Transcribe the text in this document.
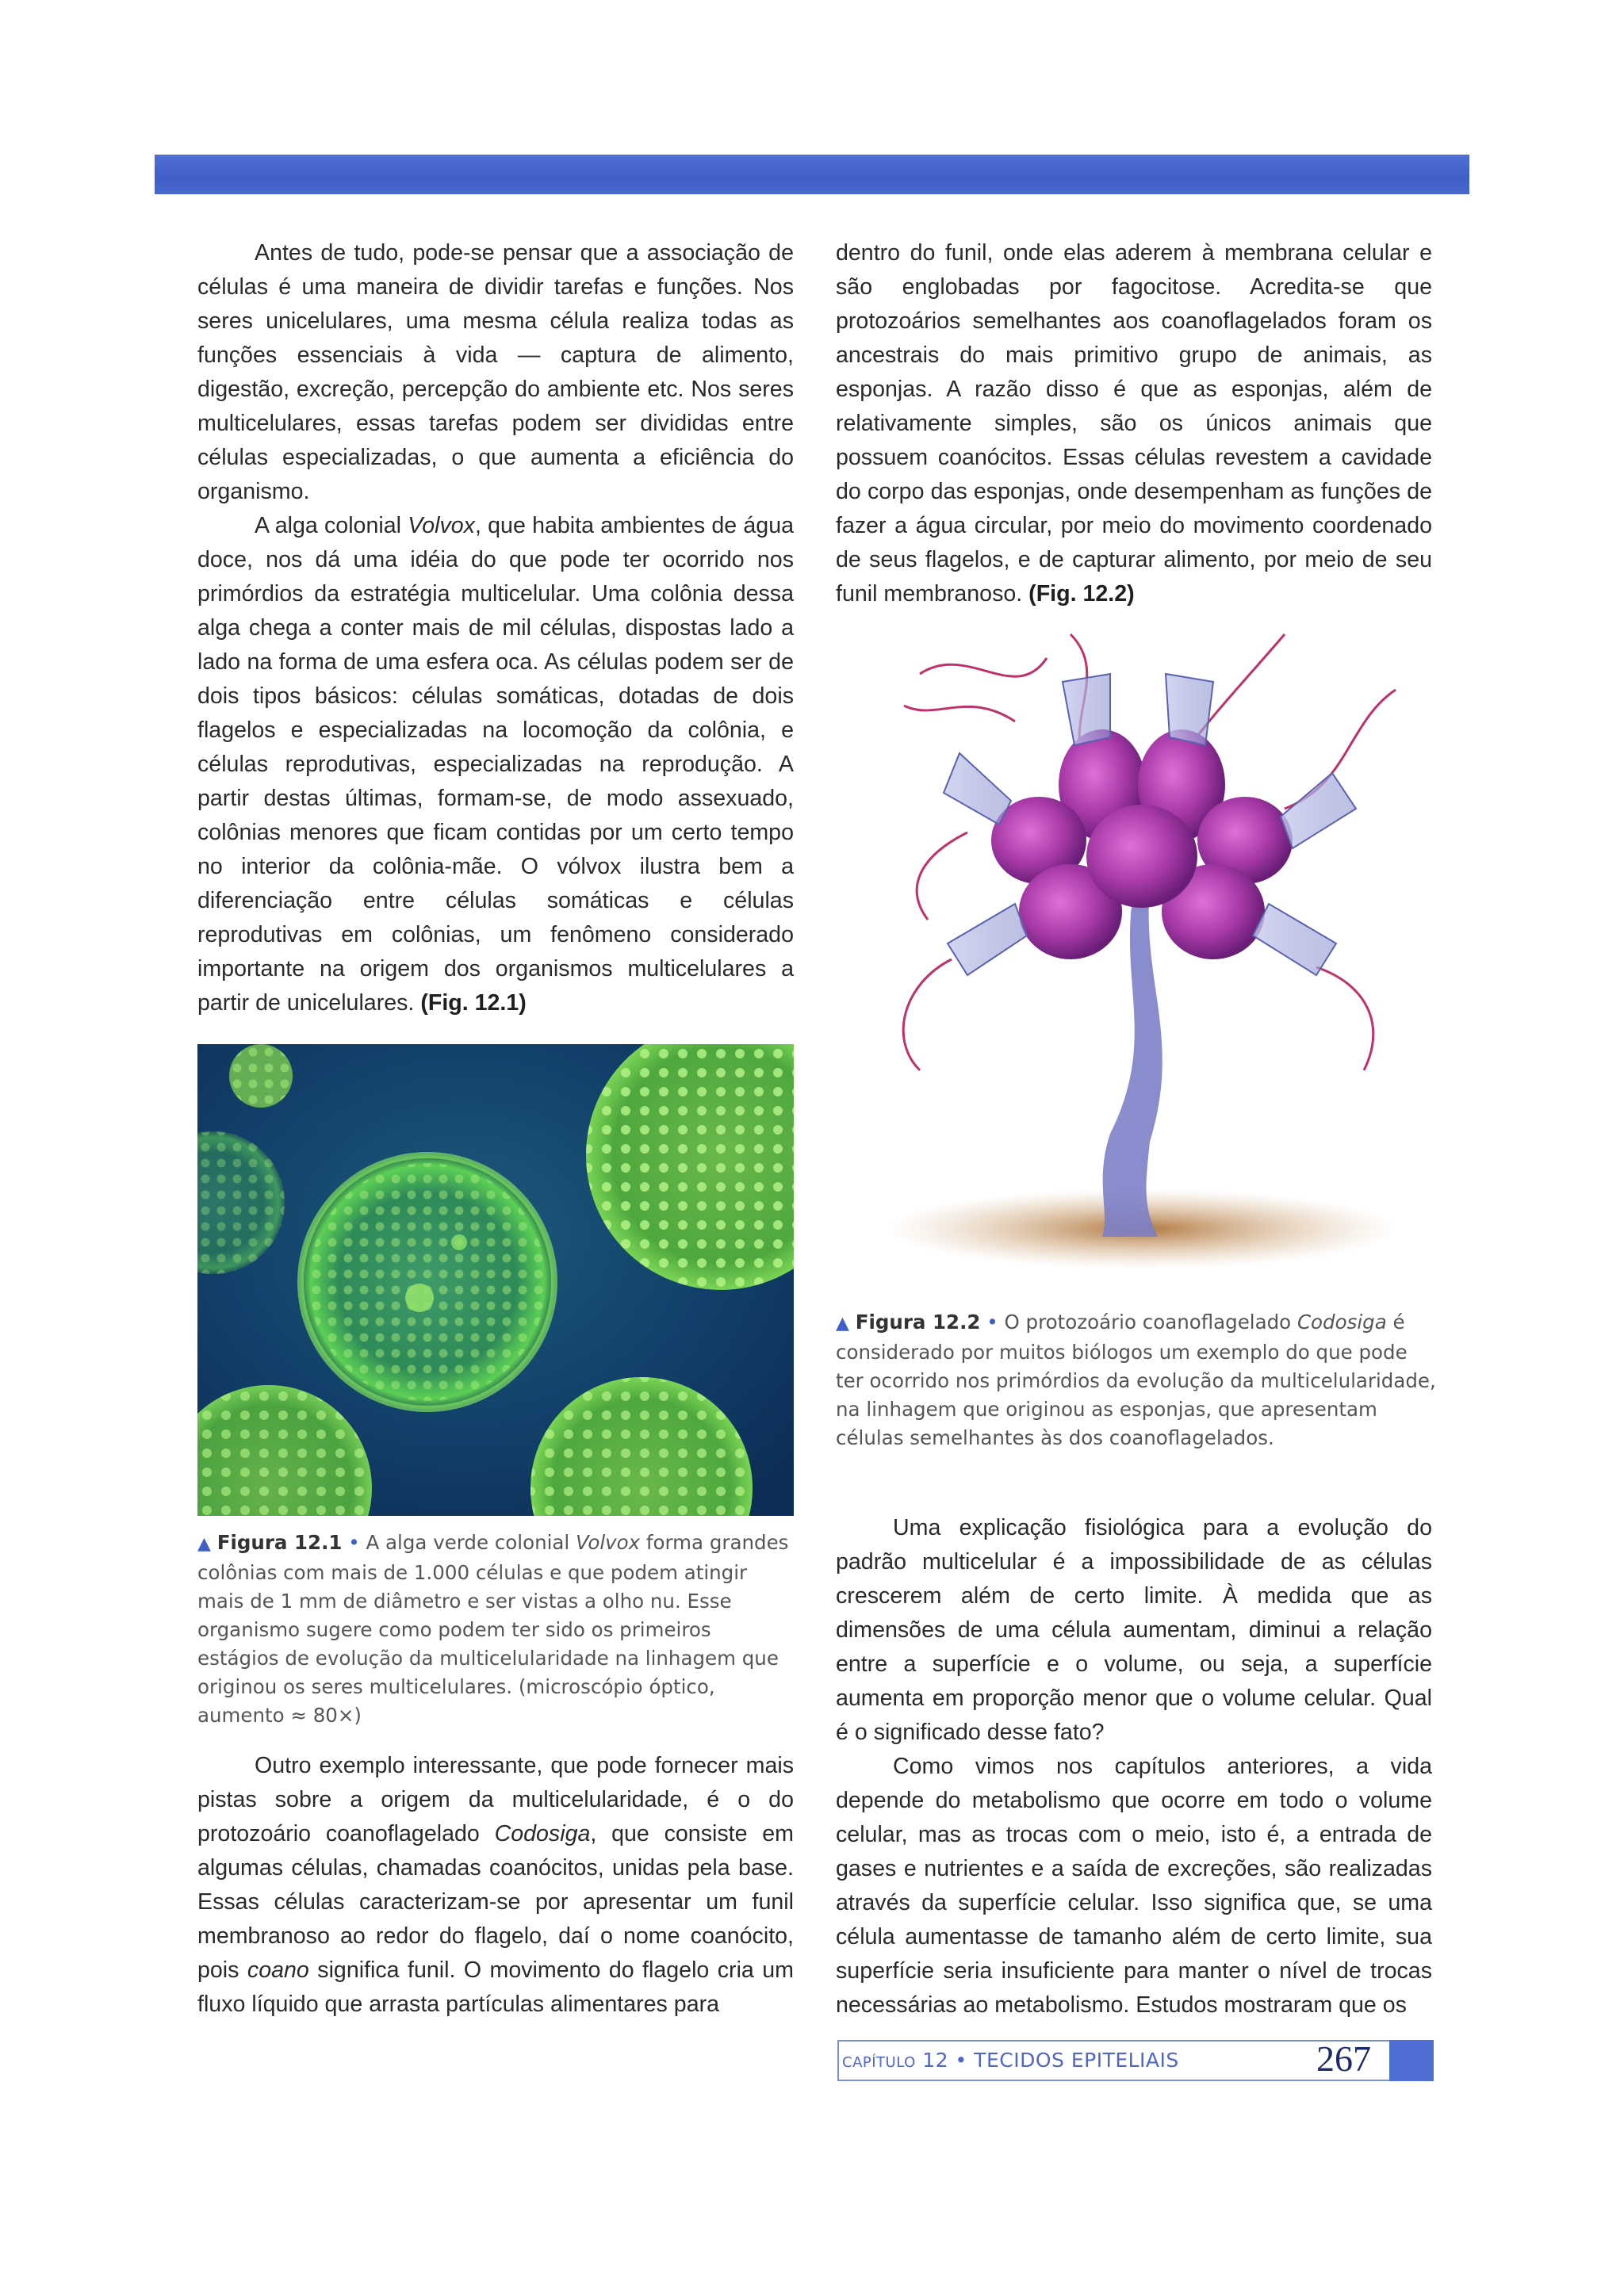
Antes de tudo, pode-se pensar que a associação de células é uma maneira de dividir tarefas e funções. Nos seres unicelulares, uma mesma célula realiza todas as funções essenciais à vida — captura de alimento, digestão, excreção, percepção do ambiente etc. Nos seres multicelulares, essas tarefas podem ser divididas entre células especializadas, o que aumenta a eficiência do organismo.

A alga colonial Volvox, que habita ambientes de água doce, nos dá uma idéia do que pode ter ocorrido nos primórdios da estratégia multicelular. Uma colônia dessa alga chega a conter mais de mil células, dispostas lado a lado na forma de uma esfera oca. As células podem ser de dois tipos básicos: células somáticas, dotadas de dois flagelos e especializadas na locomoção da colônia, e células reprodutivas, especializadas na reprodução. A partir destas últimas, formam-se, de modo assexuado, colônias menores que ficam contidas por um certo tempo no interior da colônia-mãe. O vólvox ilustra bem a diferenciação entre células somáticas e células reprodutivas em colônias, um fenômeno considerado importante na origem dos organismos multicelulares a partir de unicelulares. (Fig. 12.1)

▲ Figura 12.1 • A alga verde colonial Volvox forma grandes colônias com mais de 1.000 células e que podem atingir mais de 1 mm de diâmetro e ser vistas a olho nu. Esse organismo sugere como podem ter sido os primeiros estágios de evolução da multicelularidade na linhagem que originou os seres multicelulares. (microscópio óptico, aumento ≈ 80×)

Outro exemplo interessante, que pode fornecer mais pistas sobre a origem da multicelularidade, é o do protozoário coanoflagelado Codosiga, que consiste em algumas células, chamadas coanócitos, unidas pela base. Essas células caracterizam-se por apresentar um funil membranoso ao redor do flagelo, daí o nome coanócito, pois coano significa funil. O movimento do flagelo cria um fluxo líquido que arrasta partículas alimentares para

dentro do funil, onde elas aderem à membrana celular e são englobadas por fagocitose. Acredita-se que protozoários semelhantes aos coanoflagelados foram os ancestrais do mais primitivo grupo de animais, as esponjas. A razão disso é que as esponjas, além de relativamente simples, são os únicos animais que possuem coanócitos. Essas células revestem a cavidade do corpo das esponjas, onde desempenham as funções de fazer a água circular, por meio do movimento coordenado de seus flagelos, e de capturar alimento, por meio de seu funil membranoso. (Fig. 12.2)

▲ Figura 12.2 • O protozoário coanoflagelado Codosiga é considerado por muitos biólogos um exemplo do que pode ter ocorrido nos primórdios da evolução da multicelularidade, na linhagem que originou as esponjas, que apresentam células semelhantes às dos coanoflagelados.

Uma explicação fisiológica para a evolução do padrão multicelular é a impossibilidade de as células crescerem além de certo limite. À medida que as dimensões de uma célula aumentam, diminui a relação entre a superfície e o volume, ou seja, a superfície aumenta em proporção menor que o volume celular. Qual é o significado desse fato?

Como vimos nos capítulos anteriores, a vida depende do metabolismo que ocorre em todo o volume celular, mas as trocas com o meio, isto é, a entrada de gases e nutrientes e a saída de excreções, são realizadas através da superfície celular. Isso significa que, se uma célula aumentasse de tamanho além de certo limite, sua superfície seria insuficiente para manter o nível de trocas necessárias ao metabolismo. Estudos mostraram que os

CAPÍTULO 12 • TECIDOS EPITELIAIS	267
